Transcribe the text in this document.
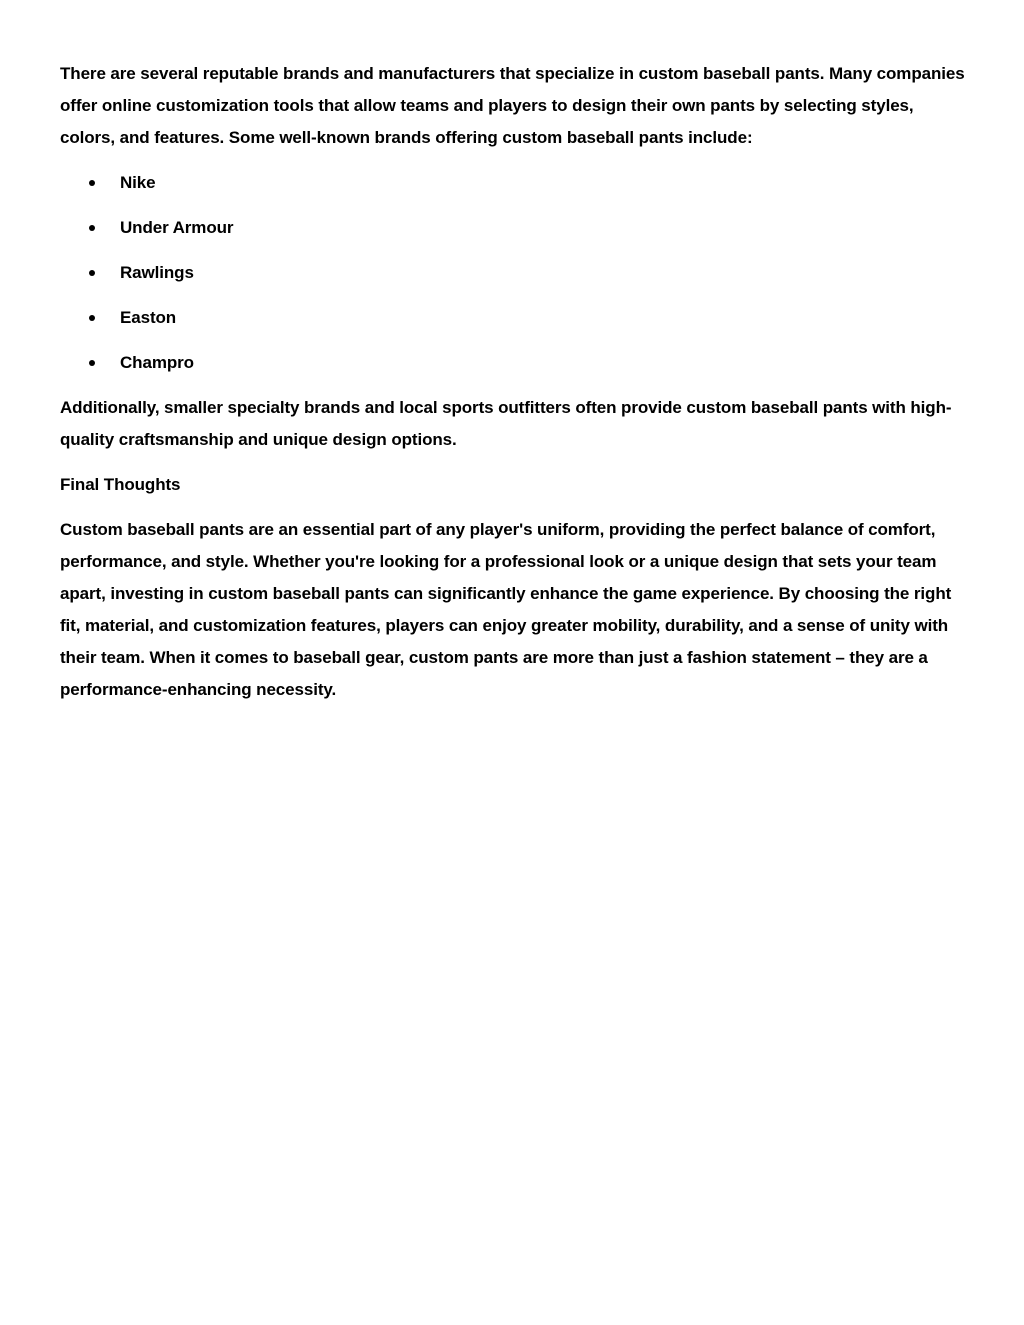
There are several reputable brands and manufacturers that specialize in custom baseball pants. Many companies offer online customization tools that allow teams and players to design their own pants by selecting styles, colors, and features. Some well-known brands offering custom baseball pants include:

Nike
Under Armour
Rawlings
Easton
Champro

Additionally, smaller specialty brands and local sports outfitters often provide custom baseball pants with high-quality craftsmanship and unique design options.

Final Thoughts

Custom baseball pants are an essential part of any player's uniform, providing the perfect balance of comfort, performance, and style. Whether you're looking for a professional look or a unique design that sets your team apart, investing in custom baseball pants can significantly enhance the game experience. By choosing the right fit, material, and customization features, players can enjoy greater mobility, durability, and a sense of unity with their team. When it comes to baseball gear, custom pants are more than just a fashion statement – they are a performance-enhancing necessity.
